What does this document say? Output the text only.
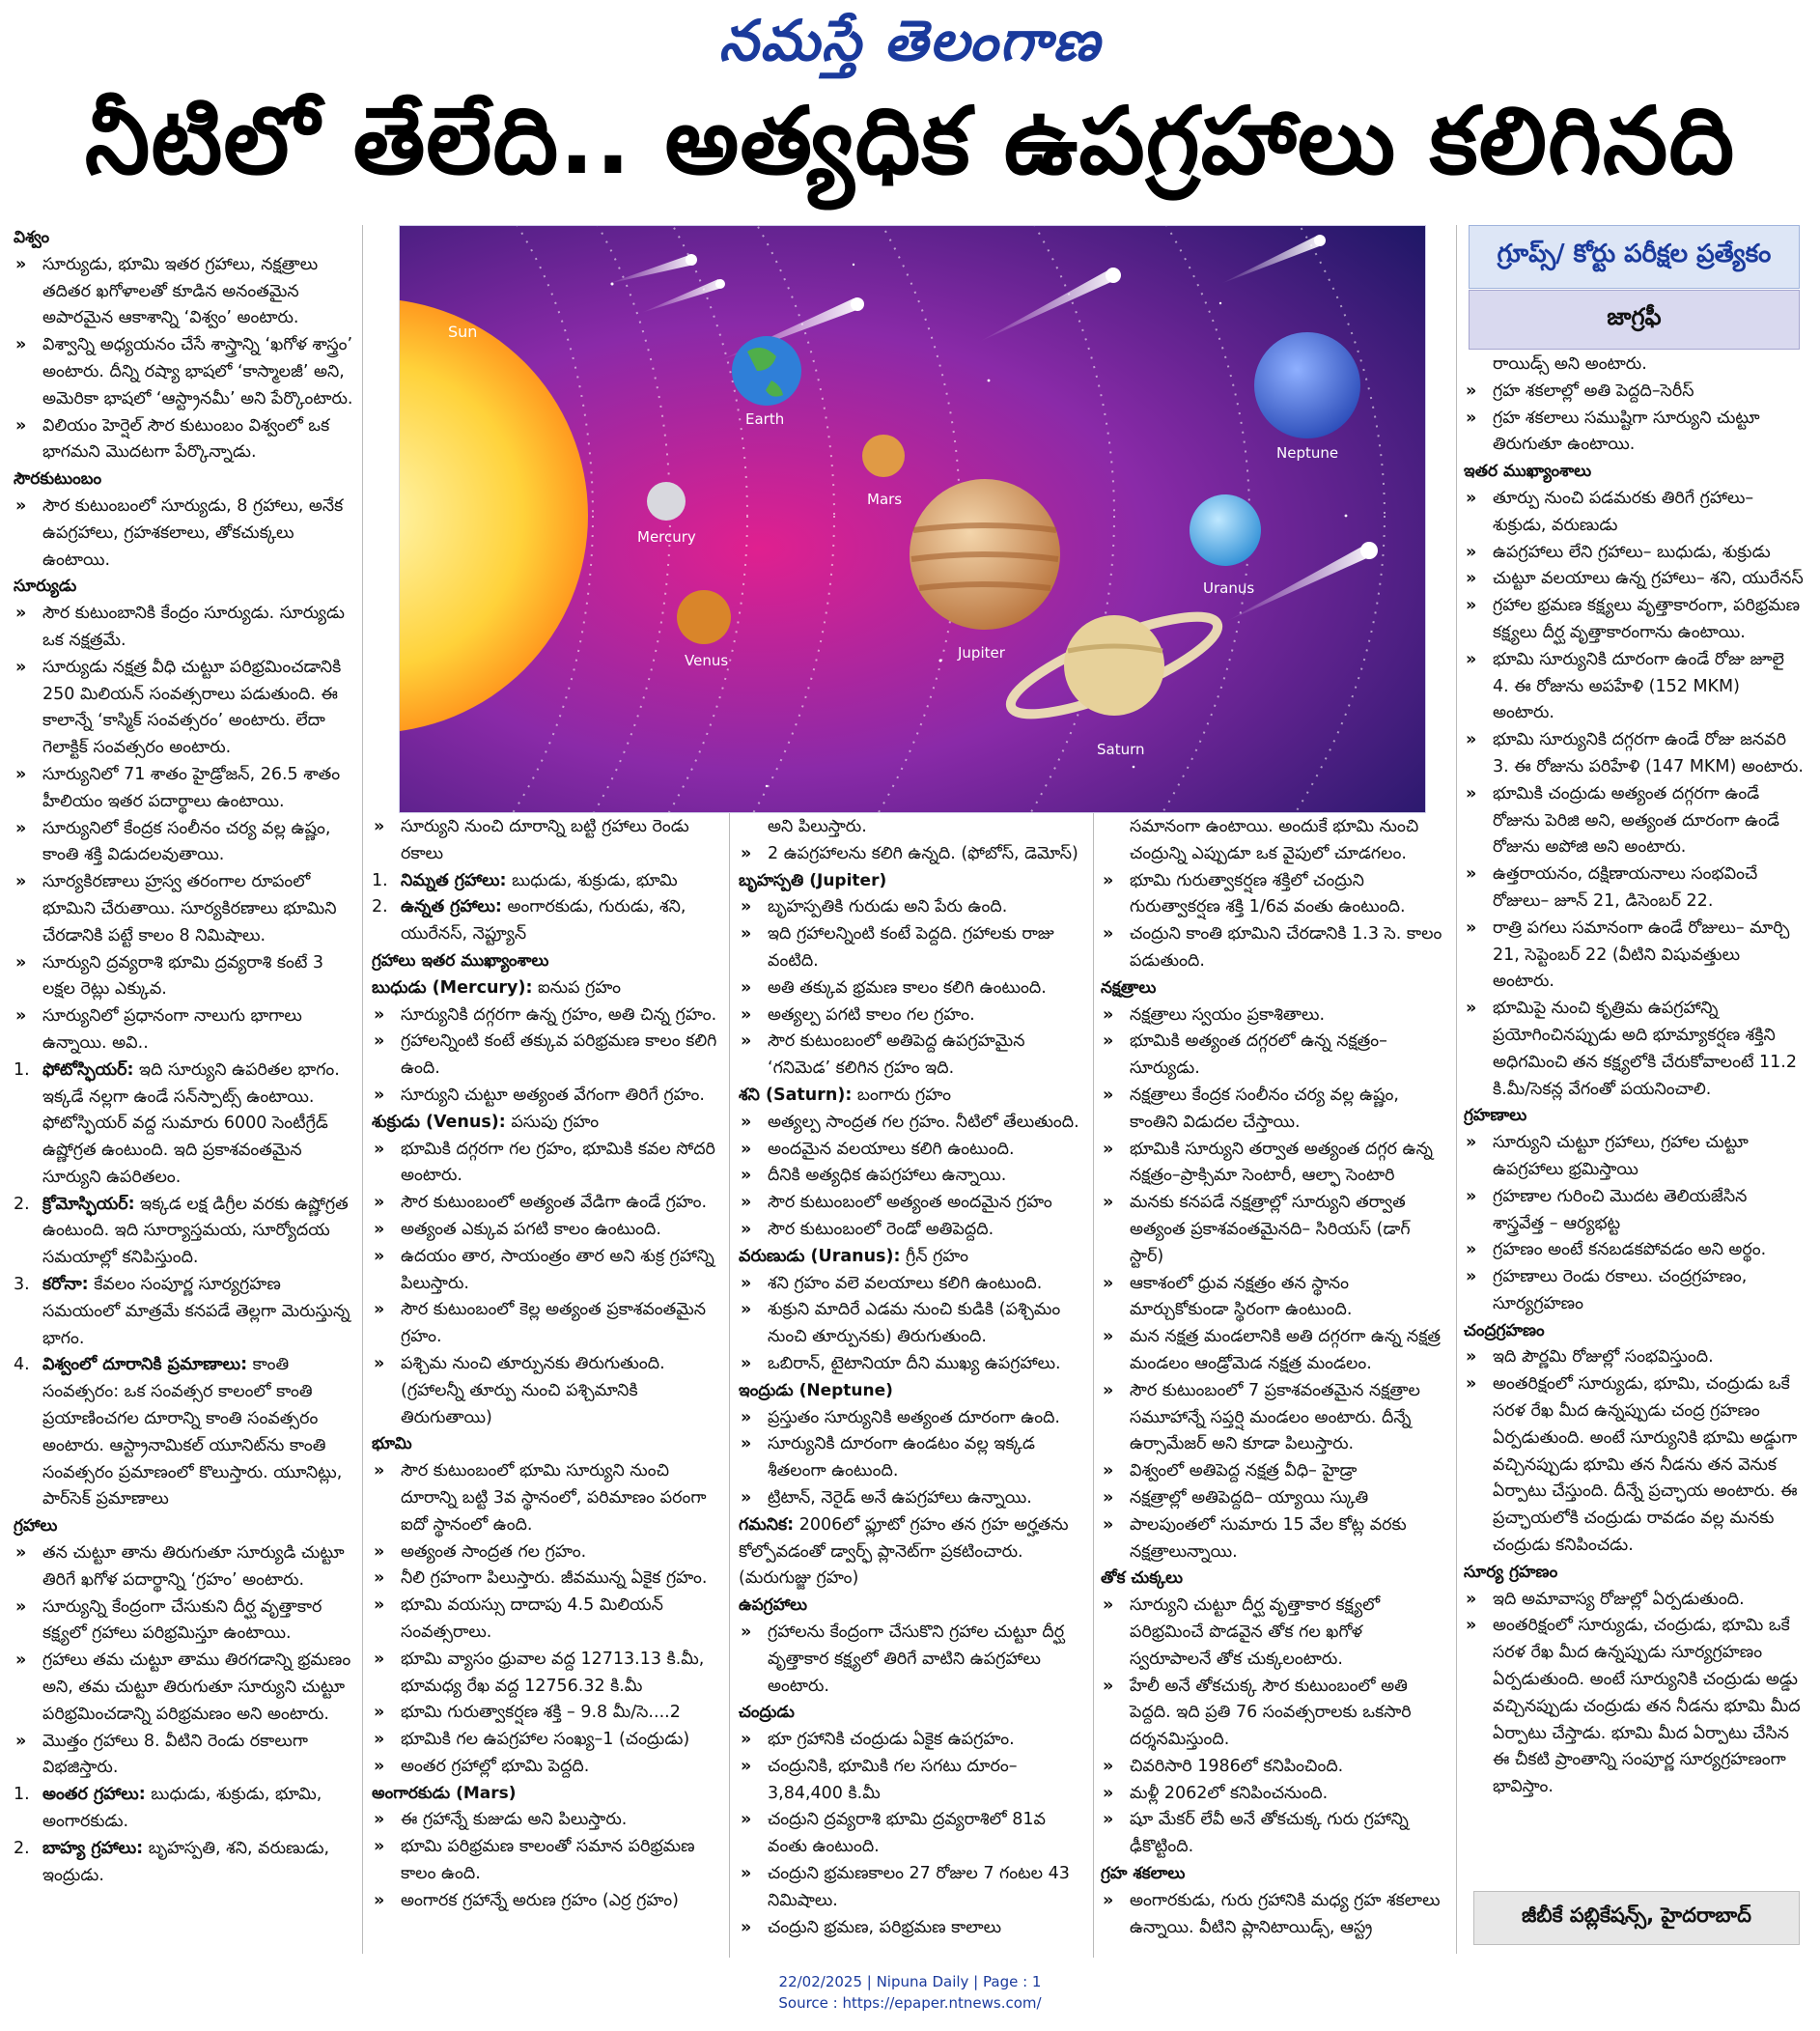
నమస్తే తెలంగాణ
నీటిలో తేలేది.. అత్యధిక ఉపగ్రహాలు కలిగినది

విశ్వం

» సూర్యుడు, భూమి ఇతర గ్రహాలు, నక్షత్రాలు తదితర ఖగోళాలతో కూడిన అనంతమైన అపారమైన ఆకాశాన్ని ‘విశ్వం’ అంటారు.

» విశ్వాన్ని అధ్యయనం చేసే శాస్త్రాన్ని ‘ఖగోళ శాస్త్రం’ అంటారు. దీన్ని రష్యా భాషలో ‘కాస్మాలజీ’ అని, అమెరికా భాషలో ‘ఆస్ట్రానమీ’ అని పేర్కొంటారు.

» విలియం హెర్షెల్ సౌర కుటుంబం విశ్వంలో ఒక భాగమని మొదటగా పేర్కొన్నాడు.

సౌరకుటుంబం

» సౌర కుటుంబంలో సూర్యుడు, 8 గ్రహాలు, అనేక ఉపగ్రహాలు, గ్రహశకలాలు, తోకచుక్కలు ఉంటాయి.

సూర్యుడు

» సౌర కుటుంబానికి కేంద్రం సూర్యుడు. సూర్యుడు ఒక నక్షత్రమే.

» సూర్యుడు నక్షత్ర వీధి చుట్టూ పరిభ్రమించడానికి 250 మిలియన్ సంవత్సరాలు పడుతుంది. ఈ కాలాన్నే ‘కాస్మిక్ సంవత్సరం’ అంటారు. లేదా గెలాక్టిక్ సంవత్సరం అంటారు.

» సూర్యునిలో 71 శాతం హైడ్రోజన్, 26.5 శాతం హీలియం ఇతర పదార్థాలు ఉంటాయి.

» సూర్యునిలో కేంద్రక సంలీనం చర్య వల్ల ఉష్ణం, కాంతి శక్తి విడుదలవుతాయి.

» సూర్యకిరణాలు హ్రస్వ తరంగాల రూపంలో భూమిని చేరుతాయి. సూర్యకిరణాలు భూమిని చేరడానికి పట్టే కాలం 8 నిమిషాలు.

» సూర్యుని ద్రవ్యరాశి భూమి ద్రవ్యరాశి కంటే 3 లక్షల రెట్లు ఎక్కువ.

» సూర్యునిలో ప్రధానంగా నాలుగు భాగాలు ఉన్నాయి. అవి..

1. ఫోటోస్ఫియర్: ఇది సూర్యుని ఉపరితల భాగం. ఇక్కడే నల్లగా ఉండే సన్‌స్పాట్స్ ఉంటాయి. ఫోటోస్ఫియర్ వద్ద సుమారు 6000 సెంటీగ్రేడ్ ఉష్ణోగ్రత ఉంటుంది. ఇది ప్రకాశవంతమైన సూర్యుని ఉపరితలం.

2. క్రోమోస్ఫియర్: ఇక్కడ లక్ష డిగ్రీల వరకు ఉష్ణోగ్రత ఉంటుంది. ఇది సూర్యాస్తమయ, సూర్యోదయ సమయాల్లో కనిపిస్తుంది.

3. కరోనా: కేవలం సంపూర్ణ సూర్యగ్రహణ సమయంలో మాత్రమే కనపడే తెల్లగా మెరుస్తున్న భాగం.

4. విశ్వంలో దూరానికి ప్రమాణాలు: కాంతి సంవత్సరం: ఒక సంవత్సర కాలంలో కాంతి ప్రయాణించగల దూరాన్ని కాంతి సంవత్సరం అంటారు. ఆస్ట్రానామికల్ యూనిట్‌ను కాంతి సంవత్సరం ప్రమాణంలో కొలుస్తారు. యూనిట్లు, పార్‌సెక్ ప్రమాణాలు

గ్రహాలు

» తన చుట్టూ తాను తిరుగుతూ సూర్యుడి చుట్టూ తిరిగే ఖగోళ పదార్థాన్ని ‘గ్రహం’ అంటారు.

» సూర్యున్ని కేంద్రంగా చేసుకుని దీర్ఘ వృత్తాకార కక్ష్యలో గ్రహాలు పరిభ్రమిస్తూ ఉంటాయి.

» గ్రహాలు తమ చుట్టూ తాము తిరగడాన్ని భ్రమణం అని, తమ చుట్టూ తిరుగుతూ సూర్యుని చుట్టూ పరిభ్రమించడాన్ని పరిభ్రమణం అని అంటారు.

» మొత్తం గ్రహాలు 8. వీటిని రెండు రకాలుగా విభజిస్తారు.

1. అంతర గ్రహాలు: బుధుడు, శుక్రుడు, భూమి, అంగారకుడు.

2. బాహ్య గ్రహాలు: బృహస్పతి, శని, వరుణుడు, ఇంద్రుడు.

Sun
Mercury
Venus
Earth
Mars
Jupiter
Saturn
Uranus
Neptune
గ్రూప్స్/ కోర్టు పరీక్షల ప్రత్యేకం
జాగ్రఫీ

» సూర్యుని నుంచి దూరాన్ని బట్టి గ్రహాలు రెండు రకాలు

1. నిమ్నత గ్రహాలు: బుధుడు, శుక్రుడు, భూమి

2. ఉన్నత గ్రహాలు: అంగారకుడు, గురుడు, శని, యురేనస్, నెప్ట్యూన్

గ్రహాలు ఇతర ముఖ్యాంశాలు

బుధుడు (Mercury): ఐనుప గ్రహం

» సూర్యునికి దగ్గరగా ఉన్న గ్రహం, అతి చిన్న గ్రహం.

» గ్రహాలన్నింటి కంటే తక్కువ పరిభ్రమణ కాలం కలిగి ఉంది.

» సూర్యుని చుట్టూ అత్యంత వేగంగా తిరిగే గ్రహం.

శుక్రుడు (Venus): పసుపు గ్రహం

» భూమికి దగ్గరగా గల గ్రహం, భూమికి కవల సోదరి అంటారు.

» సౌర కుటుంబంలో అత్యంత వేడిగా ఉండే గ్రహం.

» అత్యంత ఎక్కువ పగటి కాలం ఉంటుంది.

» ఉదయం తార, సాయంత్రం తార అని శుక్ర గ్రహాన్ని పిలుస్తారు.

» సౌర కుటుంబంలో కెల్ల అత్యంత ప్రకాశవంతమైన గ్రహం.

» పశ్చిమ నుంచి తూర్పునకు తిరుగుతుంది. (గ్రహాలన్నీ తూర్పు నుంచి పశ్చిమానికి తిరుగుతాయి)

భూమి

» సౌర కుటుంబంలో భూమి సూర్యుని నుంచి దూరాన్ని బట్టి 3వ స్థానంలో, పరిమాణం పరంగా ఐదో స్థానంలో ఉంది.

» అత్యంత సాంద్రత గల గ్రహం.

» నీలి గ్రహంగా పిలుస్తారు. జీవమున్న ఏకైక గ్రహం.

» భూమి వయస్సు దాదాపు 4.5 మిలియన్ సంవత్సరాలు.

» భూమి వ్యాసం ధ్రువాల వద్ద 12713.13 కి.మీ, భూమధ్య రేఖ వద్ద 12756.32 కి.మీ

» భూమి గురుత్వాకర్షణ శక్తి – 9.8 మీ/సె....2

» భూమికి గల ఉపగ్రహాల సంఖ్య–1 (చంద్రుడు)

» అంతర గ్రహాల్లో భూమి పెద్దది.

అంగారకుడు (Mars)

» ఈ గ్రహాన్నే కుజుడు అని పిలుస్తారు.

» భూమి పరిభ్రమణ కాలంతో సమాన పరిభ్రమణ కాలం ఉంది.

» అంగారక గ్రహాన్నే అరుణ గ్రహం (ఎర్ర గ్రహం)

అని పిలుస్తారు.

» 2 ఉపగ్రహాలను కలిగి ఉన్నది. (ఫోబోస్, డెమోస్)

బృహస్పతి (Jupiter)

» బృహస్పతికి గురుడు అని పేరు ఉంది.

» ఇది గ్రహాలన్నింటి కంటే పెద్దది. గ్రహాలకు రాజు వంటిది.

» అతి తక్కువ భ్రమణ కాలం కలిగి ఉంటుంది.

» అత్యల్ప పగటి కాలం గల గ్రహం.

» సౌర కుటుంబంలో అతిపెద్ద ఉపగ్రహమైన ‘గనిమెడ’ కలిగిన గ్రహం ఇది.

శని (Saturn): బంగారు గ్రహం

» అత్యల్ప సాంద్రత గల గ్రహం. నీటిలో తేలుతుంది.

» అందమైన వలయాలు కలిగి ఉంటుంది.

» దీనికి అత్యధిక ఉపగ్రహాలు ఉన్నాయి.

» సౌర కుటుంబంలో అత్యంత అందమైన గ్రహం

» సౌర కుటుంబంలో రెండో అతిపెద్దది.

వరుణుడు (Uranus): గ్రీన్ గ్రహం

» శని గ్రహం వలె వలయాలు కలిగి ఉంటుంది.

» శుక్రుని మాదిరే ఎడమ నుంచి కుడికి (పశ్చిమం నుంచి తూర్పునకు) తిరుగుతుంది.

» ఒబిరాన్, టైటానియా దీని ముఖ్య ఉపగ్రహాలు.

ఇంద్రుడు (Neptune)

» ప్రస్తుతం సూర్యునికి అత్యంత దూరంగా ఉంది.

» సూర్యునికి దూరంగా ఉండటం వల్ల ఇక్కడ శీతలంగా ఉంటుంది.

» ట్రిటాన్, నెరైడ్ అనే ఉపగ్రహాలు ఉన్నాయి.

గమనిక: 2006లో ఫ్లూటో గ్రహం తన గ్రహ అర్హతను కోల్పోవడంతో డ్వార్ఫ్ ప్లానెట్‌గా ప్రకటించారు. (మరుగుజ్జు గ్రహం)

ఉపగ్రహాలు

» గ్రహాలను కేంద్రంగా చేసుకొని గ్రహాల చుట్టూ దీర్ఘ వృత్తాకార కక్ష్యలో తిరిగే వాటిని ఉపగ్రహాలు అంటారు.

చంద్రుడు

» భూ గ్రహానికి చంద్రుడు ఏకైక ఉపగ్రహం.

» చంద్రునికి, భూమికి గల సగటు దూరం– 3,84,400 కి.మీ

» చంద్రుని ద్రవ్యరాశి భూమి ద్రవ్యరాశిలో 81వ వంతు ఉంటుంది.

» చంద్రుని భ్రమణకాలం 27 రోజుల 7 గంటల 43 నిమిషాలు.

» చంద్రుని భ్రమణ, పరిభ్రమణ కాలాలు

సమానంగా ఉంటాయి. అందుకే భూమి నుంచి చంద్రున్ని ఎప్పుడూ ఒక వైపులో చూడగలం.

» భూమి గురుత్వాకర్షణ శక్తిలో చంద్రుని గురుత్వాకర్షణ శక్తి 1/6వ వంతు ఉంటుంది.

» చంద్రుని కాంతి భూమిని చేరడానికి 1.3 సె. కాలం పడుతుంది.

నక్షత్రాలు

» నక్షత్రాలు స్వయం ప్రకాశితాలు.

» భూమికి అత్యంత దగ్గరలో ఉన్న నక్షత్రం– సూర్యుడు.

» నక్షత్రాలు కేంద్రక సంలీనం చర్య వల్ల ఉష్ణం, కాంతిని విడుదల చేస్తాయి.

» భూమికి సూర్యుని తర్వాత అత్యంత దగ్గర ఉన్న నక్షత్రం–ప్రాక్సిమా సెంటారీ, ఆల్ఫా సెంటారి

» మనకు కనపడే నక్షత్రాల్లో సూర్యుని తర్వాత అత్యంత ప్రకాశవంతమైనది– సిరియస్ (డాగ్ స్టార్)

» ఆకాశంలో ధ్రువ నక్షత్రం తన స్థానం మార్చుకోకుండా స్థిరంగా ఉంటుంది.

» మన నక్షత్ర మండలానికి అతి దగ్గరగా ఉన్న నక్షత్ర మండలం ఆండ్రోమెడ నక్షత్ర మండలం.

» సౌర కుటుంబంలో 7 ప్రకాశవంతమైన నక్షత్రాల సమూహాన్నే సప్తర్షి మండలం అంటారు. దీన్నే ఉర్సామేజర్ అని కూడా పిలుస్తారు.

» విశ్వంలో అతిపెద్ద నక్షత్ర వీధి– హైడ్రా

» నక్షత్రాల్లో అతిపెద్దది– య్యాయి స్కుతి

» పాలపుంతలో సుమారు 15 వేల కోట్ల వరకు నక్షత్రాలున్నాయి.

తోక చుక్కలు

» సూర్యుని చుట్టూ దీర్ఘ వృత్తాకార కక్ష్యలో పరిభ్రమించే పొడవైన తోక గల ఖగోళ స్వరూపాలనే తోక చుక్కలంటారు.

» హేలీ అనే తోకచుక్క సౌర కుటుంబంలో అతి పెద్దది. ఇది ప్రతి 76 సంవత్సరాలకు ఒకసారి దర్శనమిస్తుంది.

» చివరిసారి 1986లో కనిపించింది.

» మళ్లీ 2062లో కనిపించనుంది.

» షూ మేకర్ లేవీ అనే తోకచుక్క గురు గ్రహాన్ని ఢీకొట్టింది.

గ్రహ శకలాలు

» అంగారకుడు, గురు గ్రహానికి మధ్య గ్రహ శకలాలు ఉన్నాయి. వీటిని ప్లానిటాయిడ్స్, ఆస్ట్ర

రాయిడ్స్ అని అంటారు.

» గ్రహ శకలాల్లో అతి పెద్దది–సెరీస్

» గ్రహ శకలాలు సముష్టిగా సూర్యుని చుట్టూ తిరుగుతూ ఉంటాయి.

ఇతర ముఖ్యాంశాలు

» తూర్పు నుంచి పడమరకు తిరిగే గ్రహాలు– శుక్రుడు, వరుణుడు

» ఉపగ్రహాలు లేని గ్రహాలు– బుధుడు, శుక్రుడు

» చుట్టూ వలయాలు ఉన్న గ్రహాలు– శని, యురేనస్

» గ్రహాల భ్రమణ కక్ష్యలు వృత్తాకారంగా, పరిభ్రమణ కక్ష్యలు దీర్ఘ వృత్తాకారంగాను ఉంటాయి.

» భూమి సూర్యునికి దూరంగా ఉండే రోజు జూలై 4. ఈ రోజును అపహేళి (152 MKM) అంటారు.

» భూమి సూర్యునికి దగ్గరగా ఉండే రోజు జనవరి 3. ఈ రోజును పరిహేళి (147 MKM) అంటారు.

» భూమికి చంద్రుడు అత్యంత దగ్గరగా ఉండే రోజును పెరిజి అని, అత్యంత దూరంగా ఉండే రోజును అపోజి అని అంటారు.

» ఉత్తరాయనం, దక్షిణాయనాలు సంభవించే రోజులు– జూన్ 21, డిసెంబర్ 22.

» రాత్రి పగలు సమానంగా ఉండే రోజులు– మార్చి 21, సెప్టెంబర్ 22 (వీటిని విషువత్తులు అంటారు.

» భూమిపై నుంచి కృత్రిమ ఉపగ్రహాన్ని ప్రయోగించినప్పుడు అది భూమ్యాకర్షణ శక్తిని అధిగమించి తన కక్ష్యలోకి చేరుకోవాలంటే 11.2 కి.మీ/సెకన్ల వేగంతో పయనించాలి.

గ్రహణాలు

» సూర్యుని చుట్టూ గ్రహాలు, గ్రహాల చుట్టూ ఉపగ్రహాలు భ్రమిస్తాయి

» గ్రహణాల గురించి మొదట తెలియజేసిన శాస్త్రవేత్త – ఆర్యభట్ట

» గ్రహణం అంటే కనబడకపోవడం అని అర్థం.

» గ్రహణాలు రెండు రకాలు. చంద్రగ్రహణం, సూర్యగ్రహణం

చంద్రగ్రహణం

» ఇది పౌర్ణమి రోజుల్లో సంభవిస్తుంది.

» అంతరిక్షంలో సూర్యుడు, భూమి, చంద్రుడు ఒకే సరళ రేఖ మీద ఉన్నప్పుడు చంద్ర గ్రహణం ఏర్పడుతుంది. అంటే సూర్యునికి భూమి అడ్డుగా వచ్చినప్పుడు భూమి తన నీడను తన వెనుక ఏర్పాటు చేస్తుంది. దీన్నే ప్రచ్ఛాయ అంటారు. ఈ ప్రచ్ఛాయలోకి చంద్రుడు రావడం వల్ల మనకు చంద్రుడు కనిపించడు.

సూర్య గ్రహణం

» ఇది అమావాస్య రోజుల్లో ఏర్పడుతుంది.

» అంతరిక్షంలో సూర్యుడు, చంద్రుడు, భూమి ఒకే సరళ రేఖ మీద ఉన్నప్పుడు సూర్యగ్రహణం ఏర్పడుతుంది. అంటే సూర్యునికి చంద్రుడు అడ్డు వచ్చినప్పుడు చంద్రుడు తన నీడను భూమి మీద ఏర్పాటు చేస్తాడు. భూమి మీద ఏర్పాటు చేసిన ఈ చీకటి ప్రాంతాన్ని సంపూర్ణ సూర్యగ్రహణంగా భావిస్తాం.

జీబీకే పబ్లికేషన్స్, హైదరాబాద్
22/02/2025 | Nipuna Daily | Page : 1
Source : https://epaper.ntnews.com/
